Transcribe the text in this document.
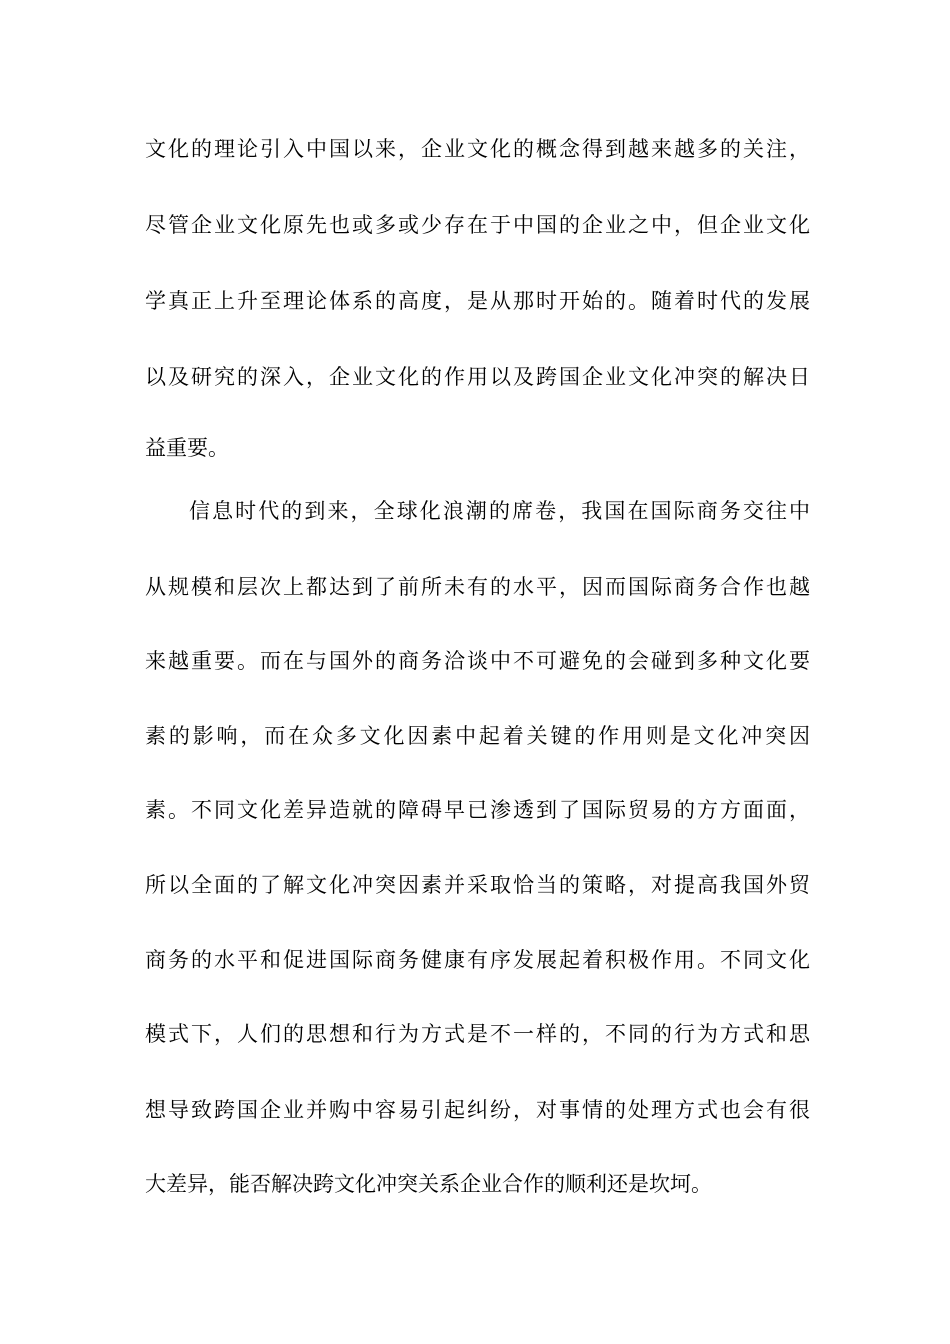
文化的理论引入中国以来，企业文化的概念得到越来越多的关注，
尽管企业文化原先也或多或少存在于中国的企业之中，但企业文化
学真正上升至理论体系的高度，是从那时开始的。随着时代的发展
以及研究的深入，企业文化的作用以及跨国企业文化冲突的解决日
益重要。
信息时代的到来，全球化浪潮的席卷，我国在国际商务交往中
从规模和层次上都达到了前所未有的水平，因而国际商务合作也越
来越重要。而在与国外的商务洽谈中不可避免的会碰到多种文化要
素的影响，而在众多文化因素中起着关键的作用则是文化冲突因
素。不同文化差异造就的障碍早已渗透到了国际贸易的方方面面，
所以全面的了解文化冲突因素并采取恰当的策略，对提高我国外贸
商务的水平和促进国际商务健康有序发展起着积极作用。不同文化
模式下，人们的思想和行为方式是不一样的，不同的行为方式和思
想导致跨国企业并购中容易引起纠纷，对事情的处理方式也会有很
大差异，能否解决跨文化冲突关系企业合作的顺利还是坎坷。
